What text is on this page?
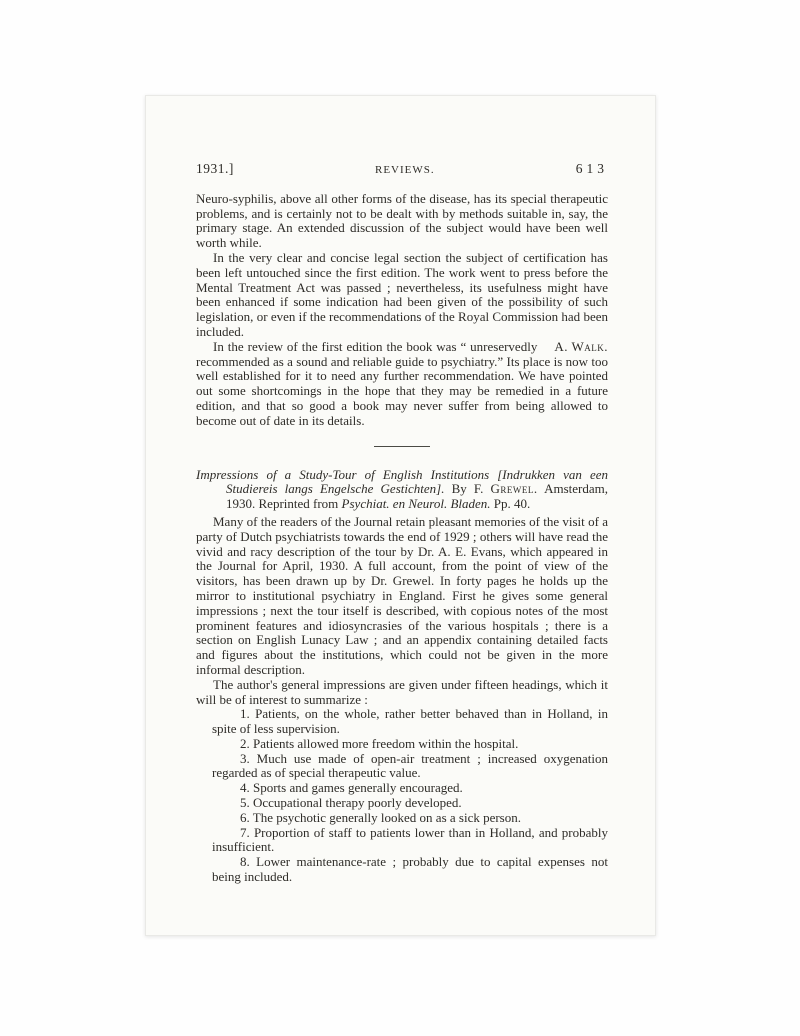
1931.]	REVIEWS.	613

Neuro-syphilis, above all other forms of the disease, has its special therapeutic problems, and is certainly not to be dealt with by methods suitable in, say, the primary stage. An extended discussion of the subject would have been well worth while.

In the very clear and concise legal section the subject of certification has been left untouched since the first edition. The work went to press before the Mental Treatment Act was passed ; nevertheless, its usefulness might have been enhanced if some indication had been given of the possibility of such legislation, or even if the recommendations of the Royal Commission had been included.

A. Walk.
In the review of the first edition the book was “ unreservedly recommended as a sound and reliable guide to psychiatry.” Its place is now too well established for it to need any further recommendation. We have pointed out some shortcomings in the hope that they may be remedied in a future edition, and that so good a book may never suffer from being allowed to become out of date in its details.

Impressions of a Study-Tour of English Institutions [Indrukken van een Studiereis langs Engelsche Gestichten]. By F. Grewel. Amsterdam, 1930. Reprinted from Psychiat. en Neurol. Bladen. Pp. 40.

Many of the readers of the Journal retain pleasant memories of the visit of a party of Dutch psychiatrists towards the end of 1929 ; others will have read the vivid and racy description of the tour by Dr. A. E. Evans, which appeared in the Journal for April, 1930. A full account, from the point of view of the visitors, has been drawn up by Dr. Grewel. In forty pages he holds up the mirror to institutional psychiatry in England. First he gives some general impressions ; next the tour itself is described, with copious notes of the most prominent features and idiosyncrasies of the various hospitals ; there is a section on English Lunacy Law ; and an appendix containing detailed facts and figures about the institutions, which could not be given in the more informal description.

The author's general impressions are given under fifteen headings, which it will be of interest to summarize :

1. Patients, on the whole, rather better behaved than in Holland, in spite of less supervision.

2. Patients allowed more freedom within the hospital.

3. Much use made of open-air treatment ; increased oxygenation regarded as of special therapeutic value.

4. Sports and games generally encouraged.

5. Occupational therapy poorly developed.

6. The psychotic generally looked on as a sick person.

7. Proportion of staff to patients lower than in Holland, and probably insufficient.

8. Lower maintenance-rate ; probably due to capital expenses not being included.
